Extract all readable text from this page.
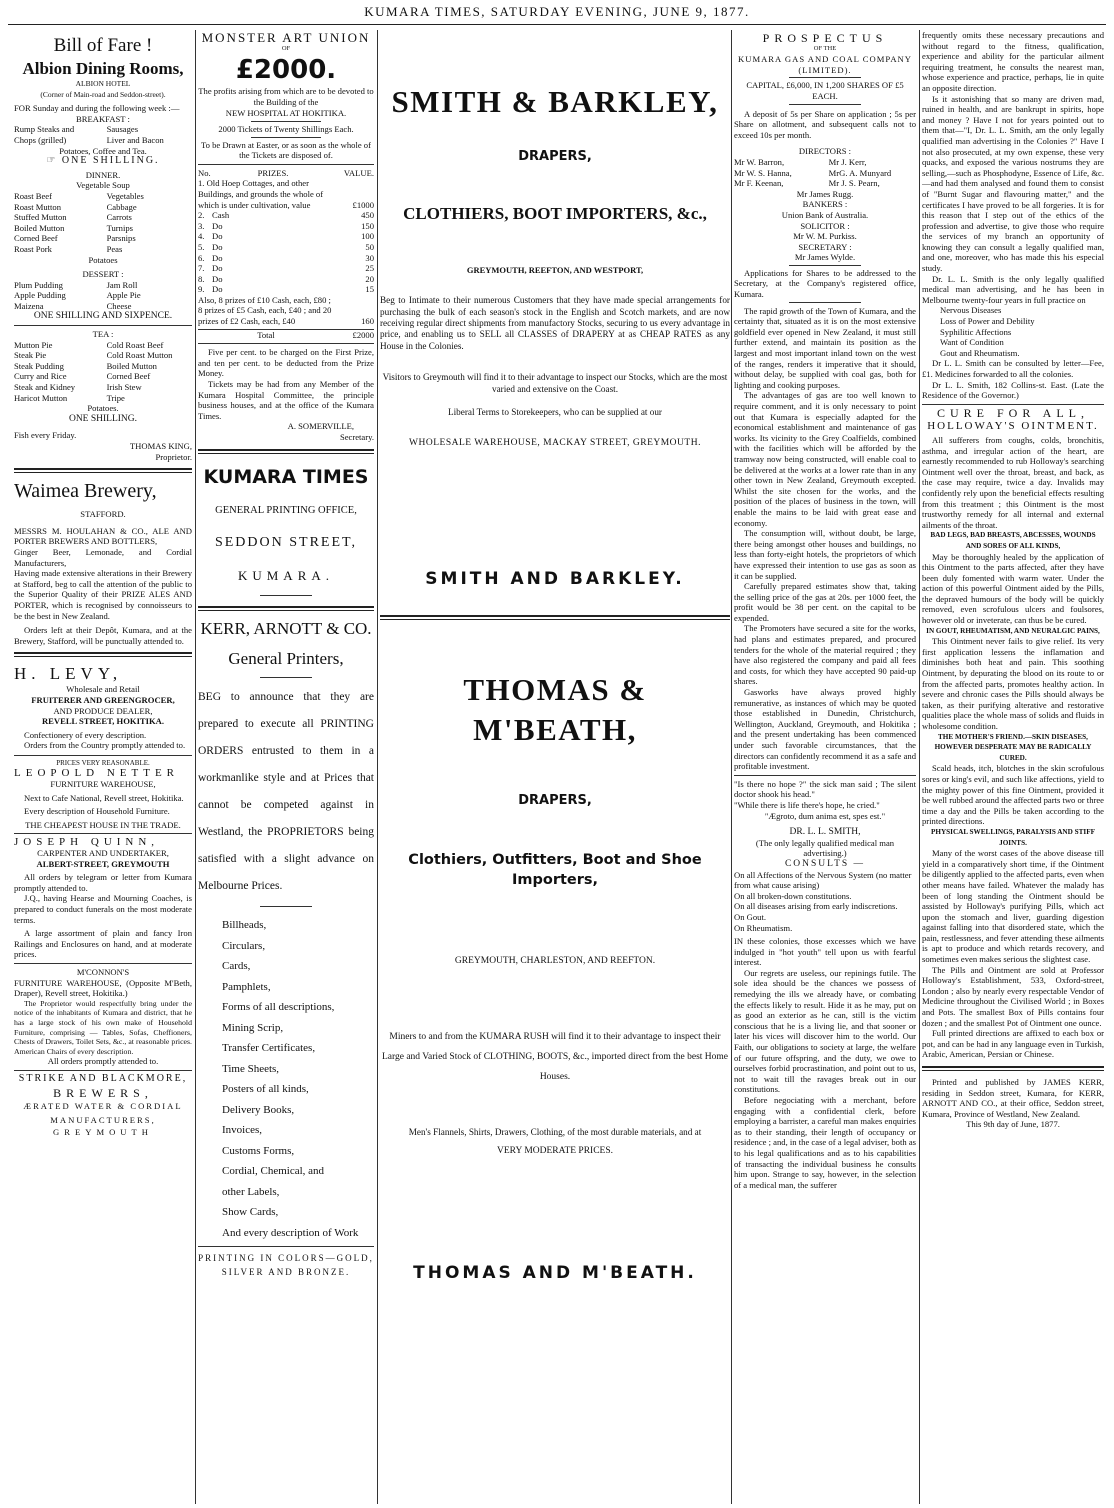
KUMARA TIMES, SATURDAY EVENING, JUNE 9, 1877.
Bill of Fare !
Albion Dining Rooms,
ALBION HOTEL
(Corner of Main-road and Seddon-street).
FOR Sunday and during the following week :—
BREAKFAST :
Rump Steaks and	Sausages
Chops (grilled)	Liver and Bacon
Potatoes, Coffee and Tea.
☞ ONE SHILLING.
DINNER.
Vegetable Soup
Roast Beef	Vegetables
Roast Mutton	Cabbage
Stuffed Mutton	Carrots
Boiled Mutton	Turnips
Corned Beef	Parsnips
Roast Pork	Peas
Potatoes
DESSERT :
Plum Pudding	Jam Roll
Apple Pudding	Apple Pie
Maizena	Cheese
ONE SHILLING AND SIXPENCE.
TEA :
Mutton Pie	Cold Roast Beef
Steak Pie	Cold Roast Mutton
Steak Pudding	Boiled Mutton
Curry and Rice	Corned Beef
Steak and Kidney	Irish Stew
Haricot Mutton	Tripe
Potatoes.
ONE SHILLING.
Fish every Friday.
THOMAS KING,
Proprietor.
Waimea Brewery,
STAFFORD.
MESSRS M. HOULAHAN & CO., ALE AND PORTER BREWERS AND BOTTLERS,
Ginger Beer, Lemonade, and Cordial Manufacturers,
Having made extensive alterations in their Brewery at Stafford, beg to call the attention of the public to the Superior Quality of their PRIZE ALES AND PORTER, which is recognised by connoisseurs to be the best in New Zealand.
Orders left at their Depôt, Kumara, and at the Brewery, Stafford, will be punctually attended to.
H. LEVY,
Wholesale and Retail
FRUITERER AND GREENGROCER,
AND PRODUCE DEALER,
REVELL STREET, HOKITIKA.
Confectionery of every description.
Orders from the Country promptly attended to.
PRICES VERY REASONABLE.
LEOPOLD NETTER
FURNITURE WAREHOUSE,
Next to Cafe National, Revell street, Hokitika.
Every description of Household Furniture.
THE CHEAPEST HOUSE IN THE TRADE.
JOSEPH QUINN,
CARPENTER AND UNDERTAKER,
ALBERT-STREET, GREYMOUTH
All orders by telegram or letter from Kumara promptly attended to.
J.Q., having Hearse and Mourning Coaches, is prepared to conduct funerals on the most moderate terms.
A large assortment of plain and fancy Iron Railings and Enclosures on hand, and at moderate prices.
M'CONNON'S
FURNITURE WAREHOUSE, (Opposite M'Beth, Draper), Revell street, Hokitika.)
The Proprietor would respectfully bring under the notice of the inhabitants of Kumara and district, that he has a large stock of his own make of Household Furniture, comprising — Tables, Sofas, Cheffioners, Chests of Drawers, Toilet Sets, &c., at reasonable prices. American Chairs of every description.
All orders promptly attended to.
STRIKE AND BLACKMORE,
BREWERS,
ÆRATED WATER & CORDIAL
MANUFACTURERS,
GREYMOUTH
MONSTER ART UNION
OF
£2000.
The profits arising from which are to be devoted to the Building of the
NEW HOSPITAL AT HOKITIKA.
2000 Tickets of Twenty Shillings Each.
To be Drawn at Easter, or as soon as the whole of the Tickets are disposed of.
No.	PRIZES.	VALUE.
1. Old Hoep Cottages, and other Buildings, and grounds the whole of which is under cultivation, value	£1000
2. Cash	450
3. Do	150
4. Do	100
5. Do	50
6. Do	30
7. Do	25
8. Do	20
9. Do	15
Also, 8 prizes of £10 Cash, each, £80 ; 8 prizes of £5 Cash, each, £40 ; and 20 prizes of £2 Cash, each, £40	160
Total	£2000
Five per cent. to be charged on the First Prize, and ten per cent. to be deducted from the Prize Money.
Tickets may be had from any Member of the Kumara Hospital Committee, the principle business houses, and at the office of the Kumara Times.
A. SOMERVILLE,
Secretary.
KUMARA TIMES
GENERAL PRINTING OFFICE,
SEDDON STREET,
KUMARA.
KERR, ARNOTT & CO.
General Printers,
BEG to announce that they are prepared to execute all PRINTING ORDERS entrusted to them in a workmanlike style and at Prices that cannot be competed against in Westland, the PROPRIETORS being satisfied with a slight advance on Melbourne Prices.
Billheads,
Circulars,
Cards,
Pamphlets,
Forms of all descriptions,
Mining Scrip,
Transfer Certificates,
Time Sheets,
Posters of all kinds,
Delivery Books,
Invoices,
Customs Forms,
Cordial, Chemical, and
other Labels,
Show Cards,
And every description of Work
PRINTING IN COLORS—GOLD,
SILVER AND BRONZE.
SMITH & BARKLEY,
DRAPERS,
CLOTHIERS, BOOT IMPORTERS, &c.,
GREYMOUTH, REEFTON, AND WESTPORT,
Beg to Intimate to their numerous Customers that they have made special arrangements for purchasing the bulk of each season's stock in the English and Scotch markets, and are now receiving regular direct shipments from manufactory Stocks, securing to us every advantage in price, and enabling us to SELL all CLASSES of DRAPERY at as CHEAP RATES as any House in the Colonies.
Visitors to Greymouth will find it to their advantage to inspect our Stocks, which are the most varied and extensive on the Coast.
Liberal Terms to Storekeepers, who can be supplied at our
WHOLESALE WAREHOUSE, MACKAY STREET, GREYMOUTH.
SMITH AND BARKLEY.
THOMAS & M'BEATH,
DRAPERS,
Clothiers, Outfitters, Boot and Shoe Importers,
GREYMOUTH, CHARLESTON, AND REEFTON.
Miners to and from the KUMARA RUSH will find it to their advantage to inspect their Large and Varied Stock of CLOTHING, BOOTS, &c., imported direct from the best Home Houses.
Men's Flannels, Shirts, Drawers, Clothing, of the most durable materials, and at
VERY MODERATE PRICES.
THOMAS AND M'BEATH.
PROSPECTUS
OF THE
KUMARA GAS AND COAL COMPANY (LIMITED).
CAPITAL, £6,000, IN 1,200 SHARES OF £5 EACH.
A deposit of 5s per Share on application ; 5s per Share on allotment, and subsequent calls not to exceed 10s per month.
DIRECTORS :
Mr W. Barron,	Mr J. Kerr,
Mr W. S. Hanna,	MrG. A. Munyard
Mr F. Keenan,	Mr J. S. Pearn,
Mr James Rugg.
BANKERS :
Union Bank of Australia.
SOLICITOR :
Mr W. M. Purkiss.
SECRETARY :
Mr James Wylde.
Applications for Shares to be addressed to the Secretary, at the Company's registered office, Kumara.
The rapid growth of the Town of Kumara, and the certainty that, situated as it is on the most extensive goldfield ever opened in New Zealand, it must still further extend, and maintain its position as the largest and most important inland town on the west of the ranges, renders it imperative that it should, without delay, be supplied with coal gas, both for lighting and cooking purposes.
The advantages of gas are too well known to require comment, and it is only necessary to point out that Kumara is especially adapted for the economical establishment and maintenance of gas works. Its vicinity to the Grey Coalfields, combined with the facilities which will be afforded by the tramway now being constructed, will enable coal to be delivered at the works at a lower rate than in any other town in New Zealand, Greymouth excepted. Whilst the site chosen for the works, and the position of the places of business in the town, will enable the mains to be laid with great ease and economy.
The consumption will, without doubt, be large, there being amongst other houses and buildings, no less than forty-eight hotels, the proprietors of which have expressed their intention to use gas as soon as it can be supplied.
Carefully prepared estimates show that, taking the selling price of the gas at 20s. per 1000 feet, the profit would be 38 per cent. on the capital to be expended.
The Promoters have secured a site for the works, had plans and estimates prepared, and procured tenders for the whole of the material required ; they have also registered the company and paid all fees and costs, for which they have accepted 90 paid-up shares.
Gasworks have always proved highly remunerative, as instances of which may be quoted those established in Dunedin, Christchurch, Wellington, Auckland, Greymouth, and Hokitika ; and the present undertaking has been commenced under such favorable circumstances, that the directors can confidently recommend it as a safe and profitable investment.
"Is there no hope ?" the sick man said ; The silent doctor shook his head."
"While there is life there's hope, he cried."
"Ægroto, dum anima est, spes est."
DR. L. L. SMITH,
(The only legally qualified medical man advertising.)
CONSULTS —
On all Affections of the Nervous System (no matter from what cause arising)
On all broken-down constitutions.
On all diseases arising from early indiscretions.
On Gout.
On Rheumatism.
IN these colonies, those excesses which we have indulged in "hot youth" tell upon us with fearful interest.
Our regrets are useless, our repinings futile. The sole idea should be the chances we possess of remedying the ills we already have, or combating the effects likely to result. Hide it as he may, put on as good an exterior as he can, still is the victim conscious that he is a living lie, and that sooner or later his vices will discover him to the world. Our Faith, our obligations to society at large, the welfare of our future offspring, and the duty, we owe to ourselves forbid procrastination, and point out to us, not to wait till the ravages break out in our constitutions.
Before negociating with a merchant, before engaging with a confidential clerk, before employing a barrister, a careful man makes enquiries as to their standing, their length of occupancy or residence ; and, in the case of a legal adviser, both as to his legal qualifications and as to his capabilities of transacting the individual business he consults him upon. Strange to say, however, in the selection of a medical man, the sufferer
frequently omits these necessary precautions and without regard to the fitness, qualification, experience and ability for the particular ailment requiring treatment, he consults the nearest man, whose experience and practice, perhaps, lie in quite an opposite direction.
Is it astonishing that so many are driven mad, ruined in health, and are bankrupt in spirits, hope and money ? Have I not for years pointed out to them that—"I, Dr. L. L. Smith, am the only legally qualified man advertising in the Colonies ?" Have I not also prosecuted, at my own expense, these very quacks, and exposed the various nostrums they are selling,—such as Phosphodyne, Essence of Life, &c.—and had them analysed and found them to consist of "Burnt Sugar and flavouring matter," and the certificates I have proved to be all forgeries. It is for this reason that I step out of the ethics of the profession and advertise, to give those who require the services of my branch an opportunity of knowing they can consult a legally qualified man, and one, moreover, who has made this his especial study.
Dr. L. L. Smith is the only legally qualified medical man advertising, and he has been in Melbourne twenty-four years in full practice on
Nervous Diseases
Loss of Power and Debility
Syphilitic Affections
Want of Condition
Gout and Rheumatism.
Dr L. L. Smith can be consulted by letter—Fee, £1. Medicines forwarded to all the colonies.
Dr L. L. Smith, 182 Collins-st. East. (Late the Residence of the Governor.)
CURE FOR ALL,
HOLLOWAY'S OINTMENT.
All sufferers from coughs, colds, bronchitis, asthma, and irregular action of the heart, are earnestly recommended to rub Holloway's searching Ointment well over the throat, breast, and back, as the case may require, twice a day. Invalids may confidently rely upon the beneficial effects resulting from this treatment ; this Ointment is the most trustworthy remedy for all internal and external ailments of the throat.
BAD LEGS, BAD BREASTS, ABCESSES, WOUNDS AND SORES OF ALL KINDS,
May be thoroughly healed by the application of this Ointment to the parts affected, after they have been duly fomented with warm water. Under the action of this powerful Ointment aided by the Pills, the depraved humours of the body will be quickly removed, even scrofulous ulcers and foulsores, however old or inveterate, can thus be be cured.
IN GOUT, RHEUMATISM, AND NEURALGIC PAINS,
This Ointment never fails to give relief. Its very first application lessens the inflamation and diminishes both heat and pain. This soothing Ointment, by depurating the blood on its route to or from the affected parts, promotes healthy action. In severe and chronic cases the Pills should always be taken, as their purifying alterative and restorative qualities place the whole mass of solids and fluids in wholesome condition.
THE MOTHER'S FRIEND.—SKIN DISEASES, HOWEVER DESPERATE MAY BE RADICALLY CURED.
Scald heads, itch, blotches in the skin scrofulous sores or king's evil, and such like affections, yield to the mighty power of this fine Ointment, provided it be well rubbed around the affected parts two or three time a day and the Pills be taken according to the printed directions.
PHYSICAL SWELLINGS, PARALYSIS AND STIFF JOINTS.
Many of the worst cases of the above disease till yield in a comparatively short time, if the Ointment be diligently applied to the affected parts, even when other means have failed. Whatever the malady has been of long standing the Ointment should be assisted by Holloway's purifying Pills, which act upon the stomach and liver, guarding digestion against falling into that disordered state, which the pain, restlessness, and fever attending these ailments is apt to produce and which retards recovery, and sometimes even makes serious the slightest case.
The Pills and Ointment are sold at Professor Holloway's Establishment, 533, Oxford-street, London ; also by nearly every respectable Vendor of Medicine throughout the Civilised World ; in Boxes and Pots. The smallest Box of Pills contains four dozen ; and the smallest Pot of Ointment one ounce.
Full printed directions are affixed to each box or pot, and can be had in any language even in Turkish, Arabic, American, Persian or Chinese.
Printed and published by JAMES KERR, residing in Seddon street, Kumara, for KERR, ARNOTT AND CO., at their office, Seddon street, Kumara, Province of Westland, New Zealand.
This 9th day of June, 1877.
